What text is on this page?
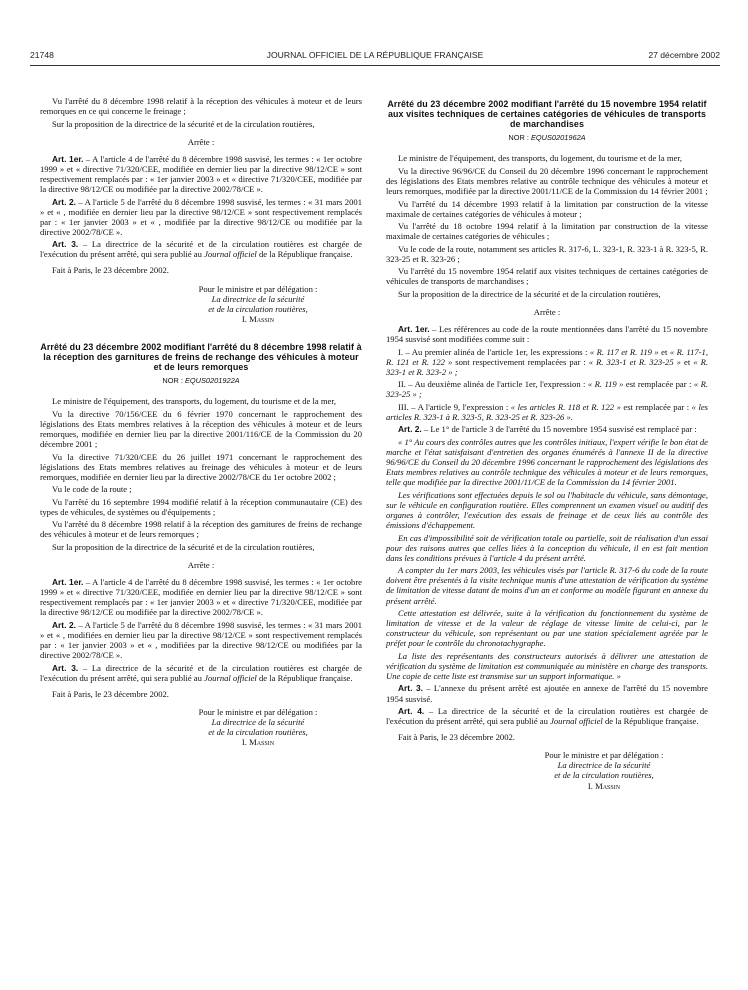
21748	JOURNAL OFFICIEL DE LA RÉPUBLIQUE FRANÇAISE	27 décembre 2002

Vu l'arrêté du 8 décembre 1998 relatif à la réception des véhicules à moteur et de leurs remorques en ce qui concerne le freinage ;

Sur la proposition de la directrice de la sécurité et de la circulation routières,

Arrête :

Art. 1er. – A l'article 4 de l'arrêté du 8 décembre 1998 susvisé, les termes : « 1er octobre 1999 » et « directive 71/320/CEE, modifiée en dernier lieu par la directive 98/12/CE » sont respectivement remplacés par : « 1er janvier 2003 » et « directive 71/320/CEE, modifiée par la directive 98/12/CE ou modifiée par la directive 2002/78/CE ».

Art. 2. – A l'article 5 de l'arrêté du 8 décembre 1998 susvisé, les termes : « 31 mars 2001 » et « , modifiée en dernier lieu par la directive 98/12/CE » sont respectivement remplacés par : « 1er janvier 2003 » et « , modifiée par la directive 98/12/CE ou modifiée par la directive 2002/78/CE ».

Art. 3. – La directrice de la sécurité et de la circulation routières est chargée de l'exécution du présent arrêté, qui sera publié au Journal officiel de la République française.

Fait à Paris, le 23 décembre 2002.

Pour le ministre et par délégation :
La directrice de la sécurité
et de la circulation routières,
I. Massin
Arrêté du 23 décembre 2002 modifiant l'arrêté du 8 décembre 1998 relatif à la réception des garnitures de freins de rechange des véhicules à moteur et de leurs remorques
NOR : EQUS0201922A

Le ministre de l'équipement, des transports, du logement, du tourisme et de la mer,

Vu la directive 70/156/CEE du 6 février 1970 concernant le rapprochement des législations des Etats membres relatives à la réception des véhicules à moteur et de leurs remorques, modifiée en dernier lieu par la directive 2001/116/CE de la Commission du 20 décembre 2001 ;

Vu la directive 71/320/CEE du 26 juillet 1971 concernant le rapprochement des législations des Etats membres relatives au freinage des véhicules à moteur et de leurs remorques, modifiée en dernier lieu par la directive 2002/78/CE du 1er octobre 2002 ;

Vu le code de la route ;

Vu l'arrêté du 16 septembre 1994 modifié relatif à la réception communautaire (CE) des types de véhicules, de systèmes ou d'équipements ;

Vu l'arrêté du 8 décembre 1998 relatif à la réception des garnitures de freins de rechange des véhicules à moteur et de leurs remorques ;

Sur la proposition de la directrice de la sécurité et de la circulation routières,

Arrête :

Art. 1er. – A l'article 4 de l'arrêté du 8 décembre 1998 susvisé, les termes : « 1er octobre 1999 » et « directive 71/320/CEE, modifiée en dernier lieu par la directive 98/12/CE » sont respectivement remplacés par : « 1er janvier 2003 » et « directive 71/320/CEE, modifiée par la directive 98/12/CE ou modifiée par la directive 2002/78/CE ».

Art. 2. – A l'article 5 de l'arrêté du 8 décembre 1998 susvisé, les termes : « 31 mars 2001 » et « , modifiées en dernier lieu par la directive 98/12/CE » sont respectivement remplacés par : « 1er janvier 2003 » et « , modifiées par la directive 98/12/CE ou modifiées par la directive 2002/78/CE ».

Art. 3. – La directrice de la sécurité et de la circulation routières est chargée de l'exécution du présent arrêté, qui sera publié au Journal officiel de la République française.

Fait à Paris, le 23 décembre 2002.

Pour le ministre et par délégation :
La directrice de la sécurité
et de la circulation routières,
I. Massin
Arrêté du 23 décembre 2002 modifiant l'arrêté du 15 novembre 1954 relatif aux visites techniques de certaines catégories de véhicules de transports de marchandises
NOR : EQUS0201962A

Le ministre de l'équipement, des transports, du logement, du tourisme et de la mer,

Vu la directive 96/96/CE du Conseil du 20 décembre 1996 concernant le rapprochement des législations des Etats membres relative au contrôle technique des véhicules à moteur et leurs remorques, modifiée par la directive 2001/11/CE de la Commission du 14 février 2001 ;

Vu l'arrêté du 14 décembre 1993 relatif à la limitation par construction de la vitesse maximale de certaines catégories de véhicules à moteur ;

Vu l'arrêté du 18 octobre 1994 relatif à la limitation par construction de la vitesse maximale de certaines catégories de véhicules ;

Vu le code de la route, notamment ses articles R. 317-6, L. 323-1, R. 323-1 à R. 323-5, R. 323-25 et R. 323-26 ;

Vu l'arrêté du 15 novembre 1954 relatif aux visites techniques de certaines catégories de véhicules de transports de marchandises ;

Sur la proposition de la directrice de la sécurité et de la circulation routières,

Arrête :

Art. 1er. – Les références au code de la route mentionnées dans l'arrêté du 15 novembre 1954 susvisé sont modifiées comme suit :

I. – Au premier alinéa de l'article 1er, les expressions : « R. 117 et R. 119 » et « R. 117-1, R. 121 et R. 122 » sont respectivement remplacées par : « R. 323-1 et R. 323-25 » et « R. 323-1 et R. 323-2 » ;

II. – Au deuxième alinéa de l'article 1er, l'expression : « R. 119 » est remplacée par : « R. 323-25 » ;

III. – A l'article 9, l'expression : « les articles R. 118 et R. 122 » est remplacée par : « les articles R. 323-1 à R. 323-5, R. 323-25 et R. 323-26 ».

Art. 2. – Le 1° de l'article 3 de l'arrêté du 15 novembre 1954 susvisé est remplacé par :

« 1° Au cours des contrôles autres que les contrôles initiaux, l'expert vérifie le bon état de marche et l'état satisfaisant d'entretien des organes énumérés à l'annexe II de la directive 96/96/CE du Conseil du 20 décembre 1996 concernant le rapprochement des législations des Etats membres relatives au contrôle technique des véhicules à moteur et de leurs remorques, telle que modifiée par la directive 2001/11/CE de la Commission du 14 février 2001.

Les vérifications sont effectuées depuis le sol ou l'habitacle du véhicule, sans démontage, sur le véhicule en configuration routière. Elles comprennent un examen visuel ou auditif des organes à contrôler, l'exécution des essais de freinage et de ceux liés au contrôle des émissions d'échappement.

En cas d'impossibilité soit de vérification totale ou partielle, soit de réalisation d'un essai pour des raisons autres que celles liées à la conception du véhicule, il en est fait mention dans les conditions prévues à l'article 4 du présent arrêté.

A compter du 1er mars 2003, les véhicules visés par l'article R. 317-6 du code de la route doivent être présentés à la visite technique munis d'une attestation de vérification du système de limitation de vitesse datant de moins d'un an et conforme au modèle figurant en annexe du présent arrêté.

Cette attestation est délivrée, suite à la vérification du fonctionnement du système de limitation de vitesse et de la valeur de réglage de vitesse limite de celui-ci, par le constructeur du véhicule, son représentant ou par une station spécialement agréée par le préfet pour le contrôle du chronotachygraphe.

La liste des représentants des constructeurs autorisés à délivrer une attestation de vérification du système de limitation est communiquée au ministère en charge des transports. Une copie de cette liste est transmise sur un support informatique. »

Art. 3. – L'annexe du présent arrêté est ajoutée en annexe de l'arrêté du 15 novembre 1954 susvisé.

Art. 4. – La directrice de la sécurité et de la circulation routières est chargée de l'exécution du présent arrêté, qui sera publié au Journal officiel de la République française.

Fait à Paris, le 23 décembre 2002.

Pour le ministre et par délégation :
La directrice de la sécurité
et de la circulation routières,
I. Massin
